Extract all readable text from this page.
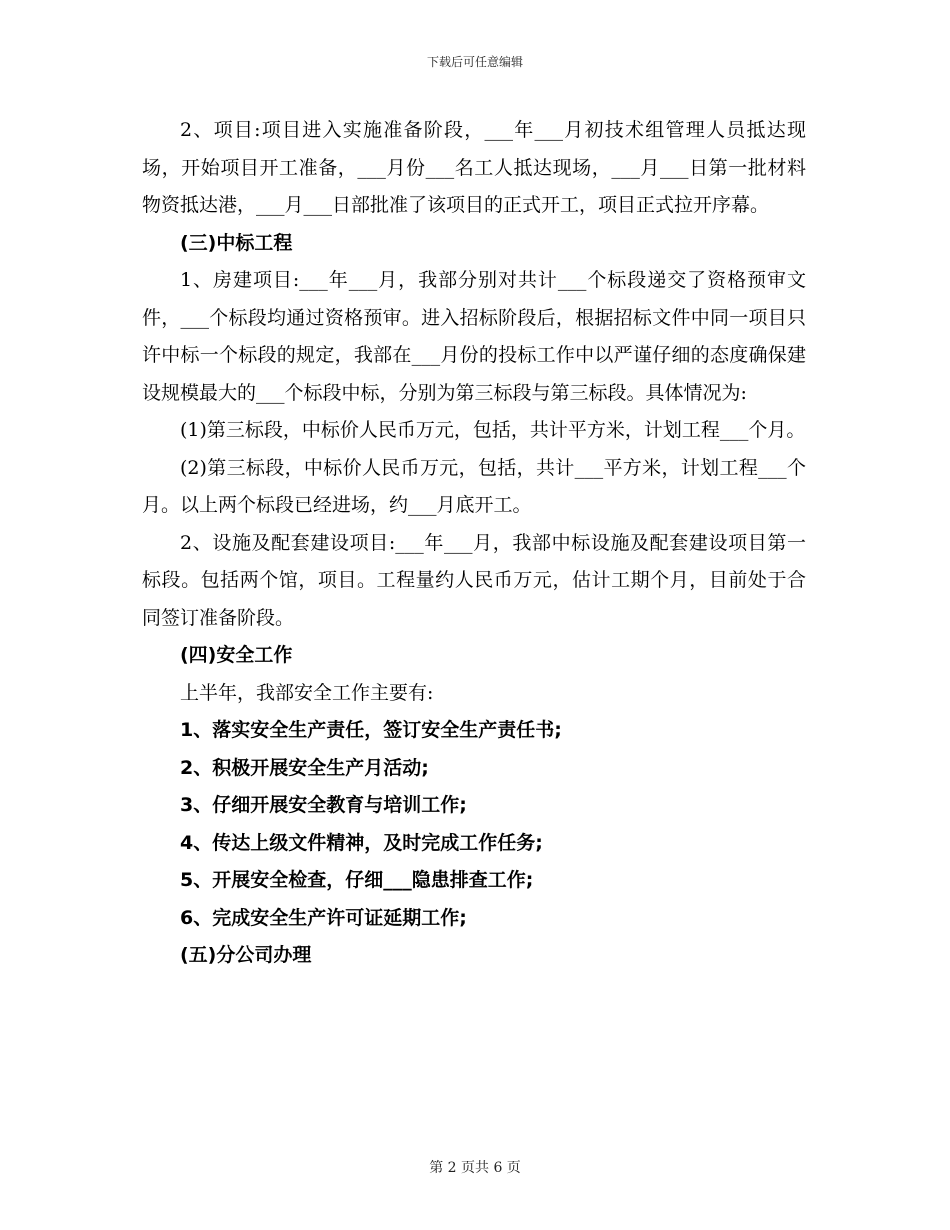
下载后可任意编辑

2、项目:项目进入实施准备阶段，___年___月初技术组管理人员抵达现场，开始项目开工准备，___月份___名工人抵达现场，___月___日第一批材料物资抵达港，___月___日部批准了该项目的正式开工，项目正式拉开序幕。

(三)中标工程

1、房建项目:___年___月，我部分别对共计___个标段递交了资格预审文件，___个标段均通过资格预审。进入招标阶段后，根据招标文件中同一项目只许中标一个标段的规定，我部在___月份的投标工作中以严谨仔细的态度确保建设规模最大的___个标段中标，分别为第三标段与第三标段。具体情况为:

(1)第三标段，中标价人民币万元，包括，共计平方米，计划工程___个月。

(2)第三标段，中标价人民币万元，包括，共计___平方米，计划工程___个月。以上两个标段已经进场，约___月底开工。

2、设施及配套建设项目:___年___月，我部中标设施及配套建设项目第一标段。包括两个馆，项目。工程量约人民币万元，估计工期个月，目前处于合同签订准备阶段。

(四)安全工作

上半年，我部安全工作主要有:

1、落实安全生产责任，签订安全生产责任书;

2、积极开展安全生产月活动;

3、仔细开展安全教育与培训工作;

4、传达上级文件精神，及时完成工作任务;

5、开展安全检查，仔细___隐患排查工作;

6、完成安全生产许可证延期工作;

(五)分公司办理

第 2 页共 6 页
